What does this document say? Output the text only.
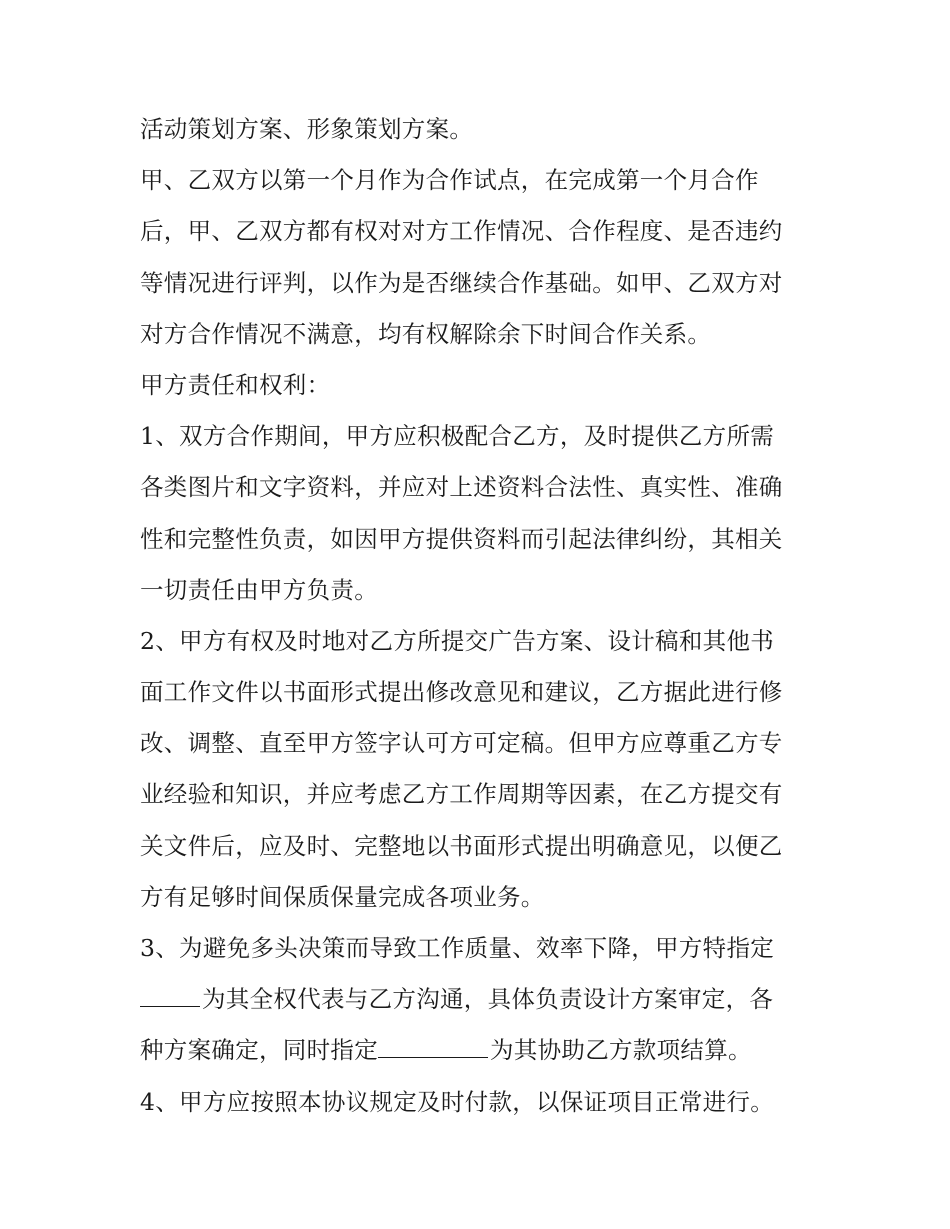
活动策划方案、形象策划方案。
甲、乙双方以第一个月作为合作试点，在完成第一个月合作
后，甲、乙双方都有权对对方工作情况、合作程度、是否违约
等情况进行评判，以作为是否继续合作基础。如甲、乙双方对
对方合作情况不满意，均有权解除余下时间合作关系。
甲方责任和权利：
1、双方合作期间，甲方应积极配合乙方，及时提供乙方所需
各类图片和文字资料，并应对上述资料合法性、真实性、准确
性和完整性负责，如因甲方提供资料而引起法律纠纷，其相关
一切责任由甲方负责。
2、甲方有权及时地对乙方所提交广告方案、设计稿和其他书
面工作文件以书面形式提出修改意见和建议，乙方据此进行修
改、调整、直至甲方签字认可方可定稿。但甲方应尊重乙方专
业经验和知识，并应考虑乙方工作周期等因素，在乙方提交有
关文件后，应及时、完整地以书面形式提出明确意见，以便乙
方有足够时间保质保量完成各项业务。
3、为避免多头决策而导致工作质量、效率下降，甲方特指定
为其全权代表与乙方沟通，具体负责设计方案审定，各
种方案确定，同时指定	为其协助乙方款项结算。
4、甲方应按照本协议规定及时付款，以保证项目正常进行。
